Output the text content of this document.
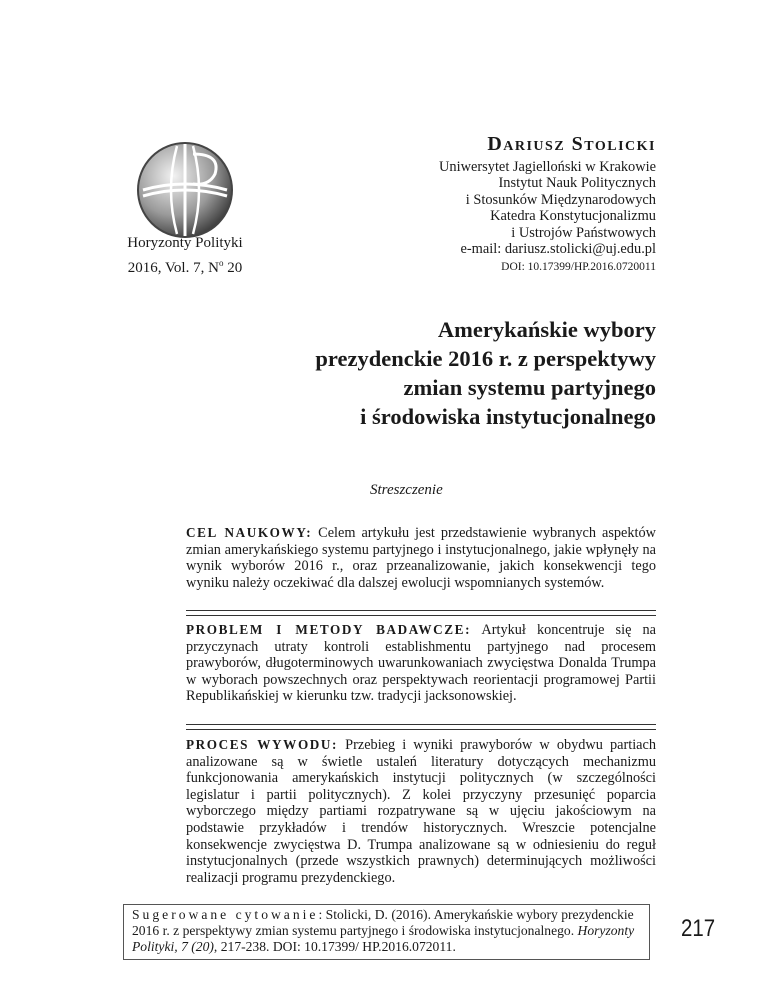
Horyzonty Polityki
2016, Vol. 7, $N^o$ 20
Dariusz Stolicki
Uniwersytet Jagielloński w Krakowie
Instytut Nauk Politycznych
i Stosunków Międzynarodowych
Katedra Konstytucjonalizmu
i Ustrojów Państwowych
e-mail: dariusz.stolicki@uj.edu.pl
DOI: 10.17399/HP.2016.0720011
Amerykańskie wybory
prezydenckie 2016 r. z perspektywy
zmian systemu partyjnego
i środowiska instytucjonalnego
Streszczenie
CEL NAUKOWY: Celem artykułu jest przedstawienie wybranych aspektów zmian amerykańskiego systemu partyjnego i instytucjonalnego, jakie wpłynęły na wynik wyborów 2016 r., oraz przeanalizowanie, jakich konsekwencji tego wyniku należy oczekiwać dla dalszej ewolucji wspomnianych systemów.
PROBLEM I METODY BADAWCZE: Artykuł koncentruje się na przyczynach utraty kontroli establishmentu partyjnego nad procesem prawyborów, długoterminowych uwarunkowaniach zwycięstwa Donalda Trumpa w wyborach powszechnych oraz perspektywach reorientacji programowej Partii Republikańskiej w kierunku tzw. tradycji jacksonowskiej.
PROCES WYWODU: Przebieg i wyniki prawyborów w obydwu partiach analizowane są w świetle ustaleń literatury dotyczących mechanizmu funkcjonowania amerykańskich instytucji politycznych (w szczególności legislatur i partii politycznych). Z kolei przyczyny przesunięć poparcia wyborczego między partiami rozpatrywane są w ujęciu jakościowym na podstawie przykładów i trendów historycznych. Wreszcie potencjalne konsekwencje zwycięstwa D. Trumpa analizowane są w odniesieniu do reguł instytucjonalnych (przede wszystkich prawnych) determinujących możliwości realizacji programu prezydenckiego.
Sugerowane cytowanie: Stolicki, D. (2016). Amerykańskie wybory prezydenckie 2016 r. z perspektywy zmian systemu partyjnego i środowiska instytucjonalnego. Horyzonty Polityki, 7 (20), 217-238. DOI: 10.17399/ HP.2016.072011.
217
